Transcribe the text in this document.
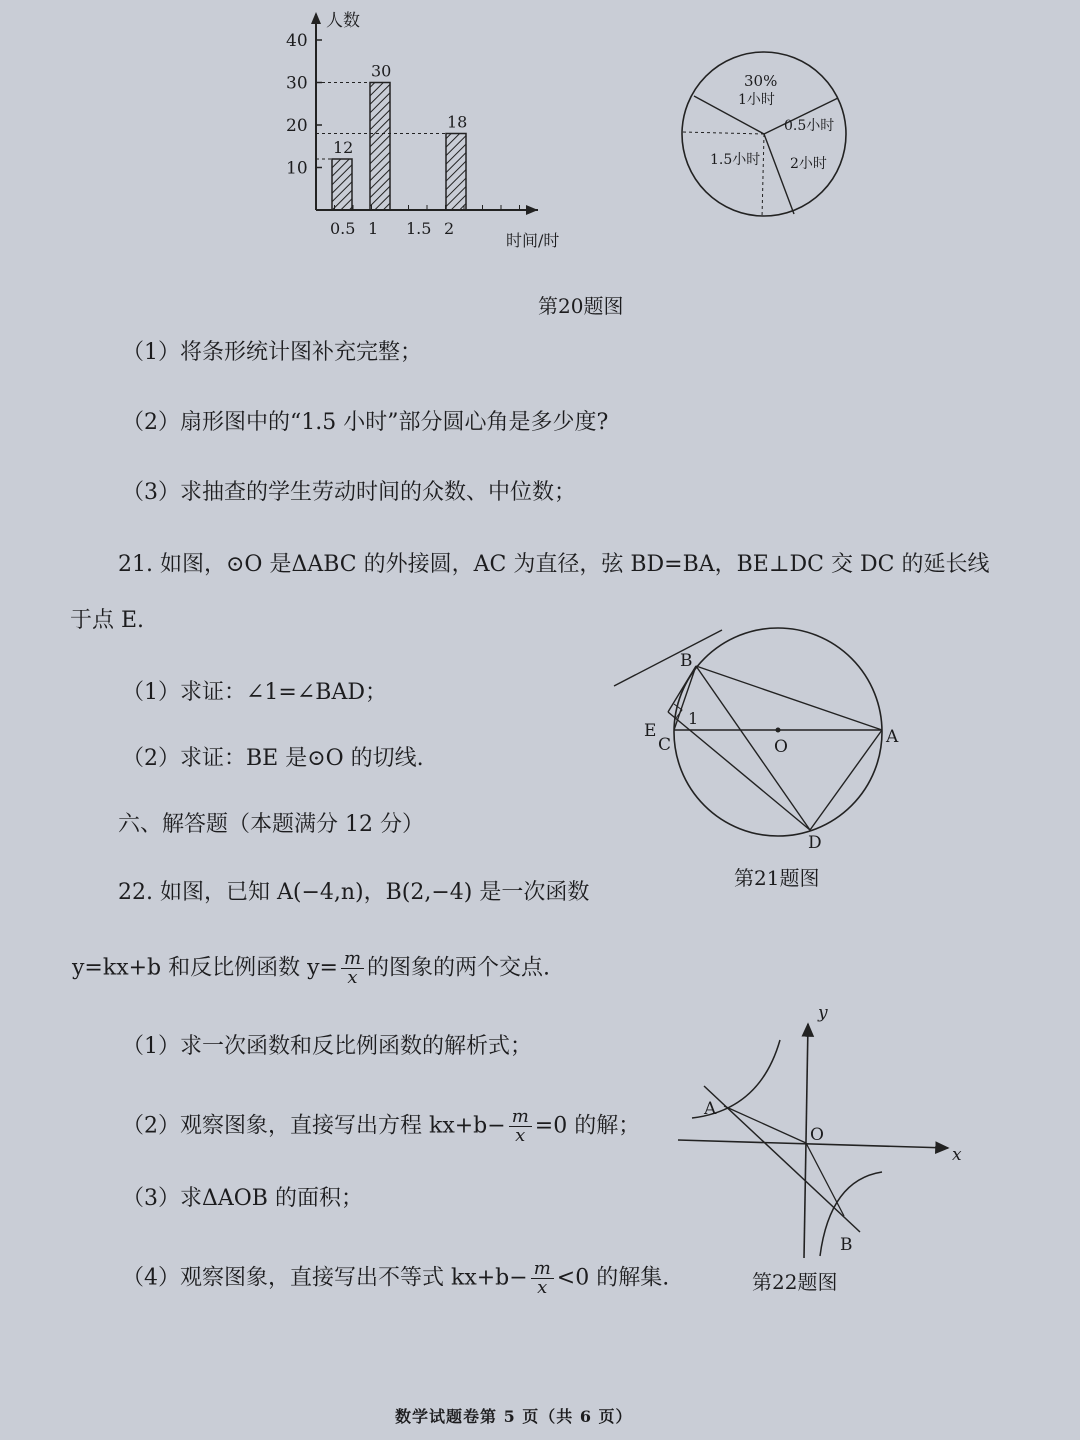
10
20
30
40
0.5
12
1
30
1.5 2
18
人数
时间/时
30%
1小时
0.5小时
2小时
1.5小时
第20题图
（1）将条形统计图补充完整；
（2）扇形图中的“1.5 小时”部分圆心角是多少度?
（3）求抽查的学生劳动时间的众数、中位数；
21. 如图，⊙O 是ΔABC 的外接圆，AC 为直径，弦 BD=BA，BE⊥DC 交 DC 的延长线
于点 E.
（1）求证：∠1=∠BAD；
（2）求证：BE 是⊙O 的切线.
B
E
C
1
O	A
D
第21题图
六、解答题（本题满分 12 分）
22. 如图，已知 A(−4,n)，B(2,−4) 是一次函数
y=kx+b 和反比例函数 $y= \frac{m}{x}$ 的图象的两个交点.
（1）求一次函数和反比例函数的解析式；
（2）观察图象，直接写出方程 $kx+b- \frac{m}{x} =0$ 的解；
（3）求ΔAOB 的面积；
（4）观察图象，直接写出不等式 $kx+b- \frac{m}{x} <0$ 的解集.
y
x
O
A
B
第22题图
数学试题卷第 5 页（共 6 页）
